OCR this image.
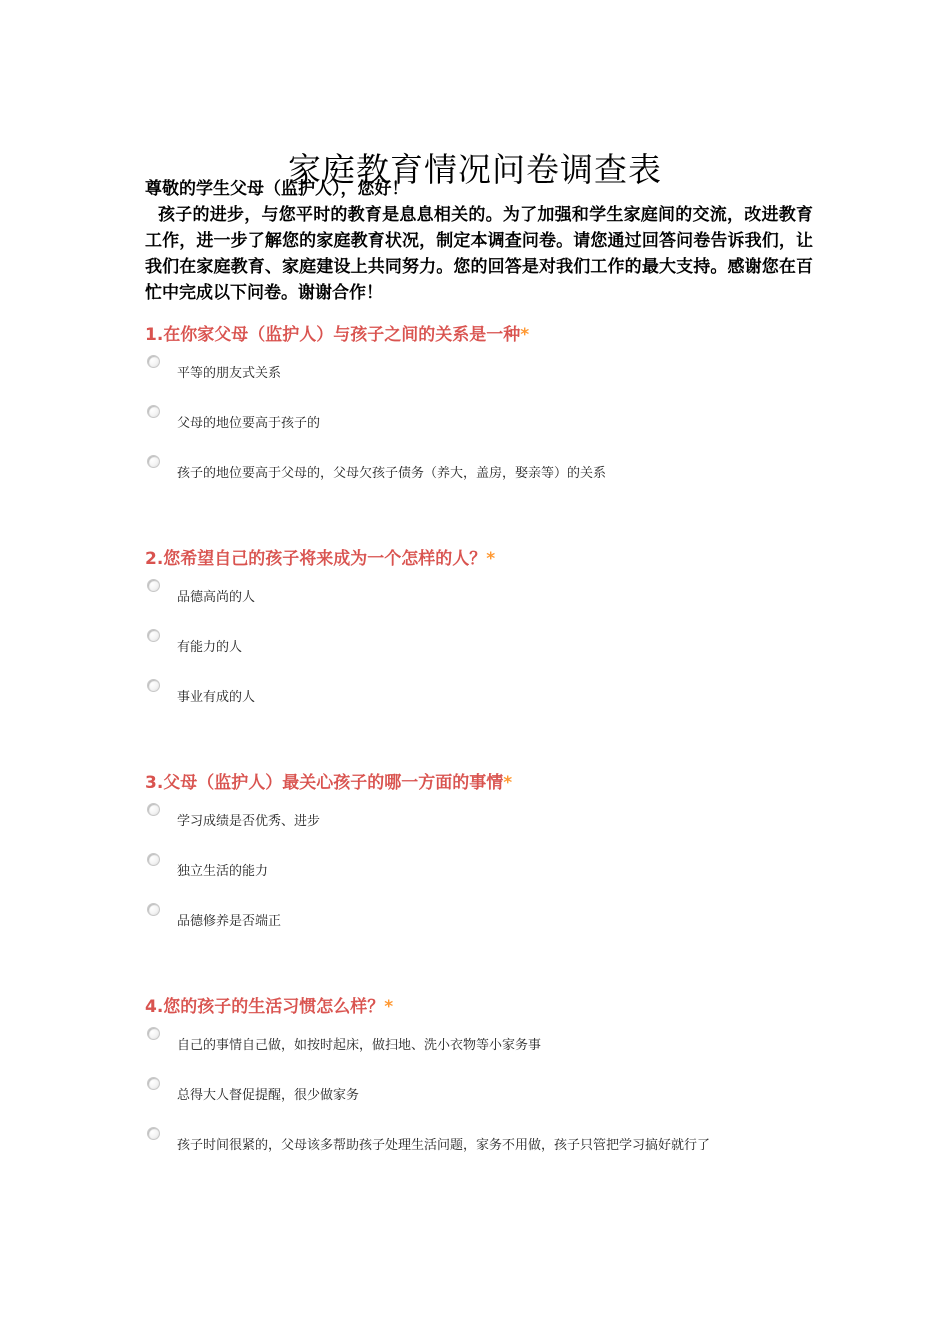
家庭教育情况问卷调查表

尊敬的学生父母（监护人），您好！

孩子的进步，与您平时的教育是息息相关的。为了加强和学生家庭间的交流，改进教育工作，进一步了解您的家庭教育状况，制定本调查问卷。请您通过回答问卷告诉我们，让我们在家庭教育、家庭建设上共同努力。您的回答是对我们工作的最大支持。感谢您在百忙中完成以下问卷。谢谢合作！

1.在你家父母（监护人）与孩子之间的关系是一种*
平等的朋友式关系
父母的地位要高于孩子的
孩子的地位要高于父母的，父母欠孩子债务（养大，盖房，娶亲等）的关系
2.您希望自己的孩子将来成为一个怎样的人？*
品德高尚的人
有能力的人
事业有成的人
3.父母（监护人）最关心孩子的哪一方面的事情*
学习成绩是否优秀、进步
独立生活的能力
品德修养是否端正
4.您的孩子的生活习惯怎么样？*
自己的事情自己做，如按时起床，做扫地、洗小衣物等小家务事
总得大人督促提醒，很少做家务
孩子时间很紧的，父母该多帮助孩子处理生活问题，家务不用做，孩子只管把学习搞好就行了
